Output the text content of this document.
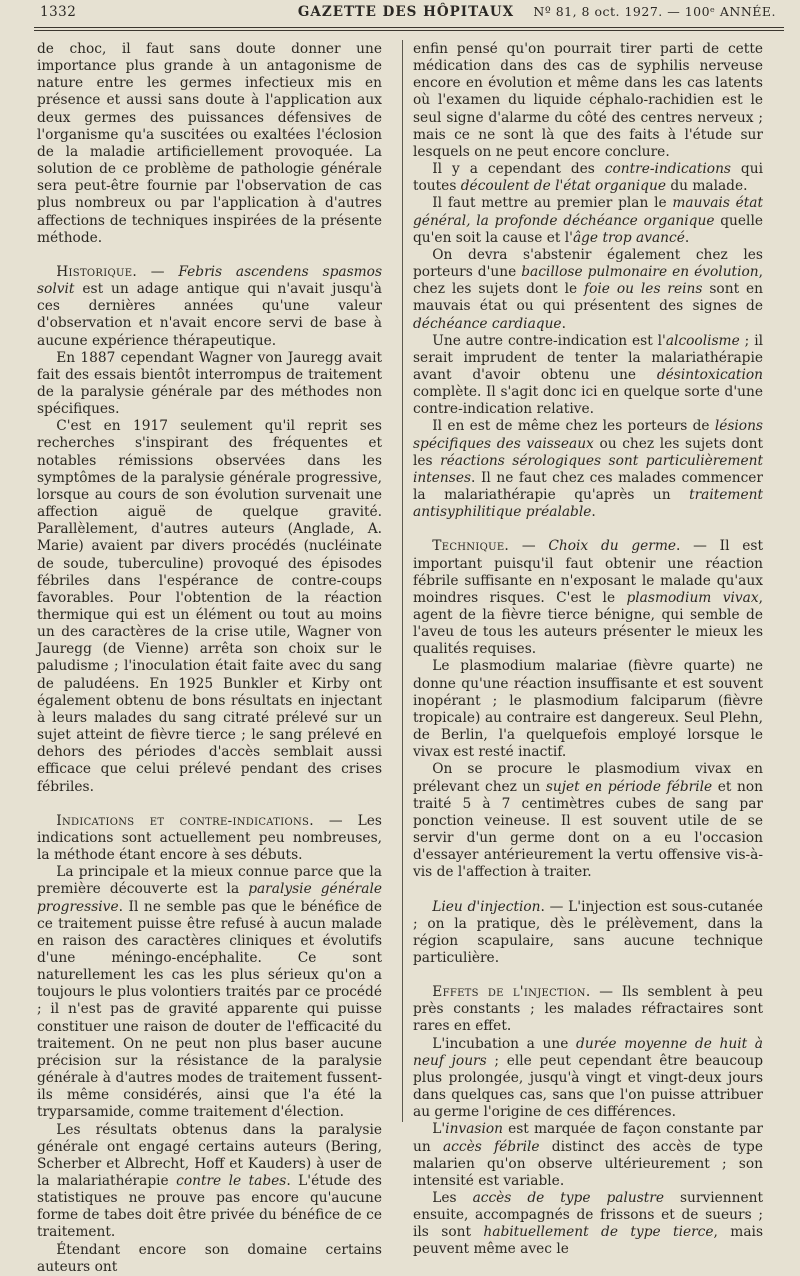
1332	GAZETTE DES HÔPITAUX	Nº 81, 8 oct. 1927. — 100ᵉ ANNÉE.

de choc, il faut sans doute donner une importance plus grande à un antagonisme de nature entre les germes infectieux mis en présence et aussi sans doute à l'application aux deux germes des puissances défensives de l'organisme qu'a suscitées ou exaltées l'éclosion de la maladie artificiellement provoquée. La solution de ce problème de pathologie générale sera peut-être fournie par l'observation de cas plus nombreux ou par l'application à d'autres affections de techniques inspirées de la présente méthode.

Historique. — Febris ascendens spasmos solvit est un adage antique qui n'avait jusqu'à ces dernières années qu'une valeur d'observation et n'avait encore servi de base à aucune expérience thérapeutique.

En 1887 cependant Wagner von Jauregg avait fait des essais bientôt interrompus de traitement de la paralysie générale par des méthodes non spécifiques.

C'est en 1917 seulement qu'il reprit ses recherches s'inspirant des fréquentes et notables rémissions observées dans les symptômes de la paralysie générale progressive, lorsque au cours de son évolution survenait une affection aiguë de quelque gravité. Parallèlement, d'autres auteurs (Anglade, A. Marie) avaient par divers procédés (nucléinate de soude, tuberculine) provoqué des épisodes fébriles dans l'espérance de contre-coups favorables. Pour l'obtention de la réaction thermique qui est un élément ou tout au moins un des caractères de la crise utile, Wagner von Jauregg (de Vienne) arrêta son choix sur le paludisme ; l'inoculation était faite avec du sang de paludéens. En 1925 Bunkler et Kirby ont également obtenu de bons résultats en injectant à leurs malades du sang citraté prélevé sur un sujet atteint de fièvre tierce ; le sang prélevé en dehors des périodes d'accès semblait aussi efficace que celui prélevé pendant des crises fébriles.

Indications et contre-indications. — Les indications sont actuellement peu nombreuses, la méthode étant encore à ses débuts.

La principale et la mieux connue parce que la première découverte est la paralysie générale progressive. Il ne semble pas que le bénéfice de ce traitement puisse être refusé à aucun malade en raison des caractères cliniques et évolutifs d'une méningo-encéphalite. Ce sont naturellement les cas les plus sérieux qu'on a toujours le plus volontiers traités par ce procédé ; il n'est pas de gravité apparente qui puisse constituer une raison de douter de l'efficacité du traitement. On ne peut non plus baser aucune précision sur la résistance de la paralysie générale à d'autres modes de traitement fussent-ils même considérés, ainsi que l'a été la tryparsamide, comme traitement d'élection.

Les résultats obtenus dans la paralysie générale ont engagé certains auteurs (Bering, Scherber et Albrecht, Hoff et Kauders) à user de la malariathérapie contre le tabes. L'étude des statistiques ne prouve pas encore qu'aucune forme de tabes doit être privée du bénéfice de ce traitement.

Étendant encore son domaine certains auteurs ont

enfin pensé qu'on pourrait tirer parti de cette médication dans des cas de syphilis nerveuse encore en évolution et même dans les cas latents où l'examen du liquide céphalo-rachidien est le seul signe d'alarme du côté des centres nerveux ; mais ce ne sont là que des faits à l'étude sur lesquels on ne peut encore conclure.

Il y a cependant des contre-indications qui toutes découlent de l'état organique du malade.

Il faut mettre au premier plan le mauvais état général, la profonde déchéance organique quelle qu'en soit la cause et l'âge trop avancé.

On devra s'abstenir également chez les porteurs d'une bacillose pulmonaire en évolution, chez les sujets dont le foie ou les reins sont en mauvais état ou qui présentent des signes de déchéance cardiaque.

Une autre contre-indication est l'alcoolisme ; il serait imprudent de tenter la malariathérapie avant d'avoir obtenu une désintoxication complète. Il s'agit donc ici en quelque sorte d'une contre-indication relative.

Il en est de même chez les porteurs de lésions spécifiques des vaisseaux ou chez les sujets dont les réactions sérologiques sont particulièrement intenses. Il ne faut chez ces malades commencer la malariathérapie qu'après un traitement antisyphilitique préalable.

Technique. — Choix du germe. — Il est important puisqu'il faut obtenir une réaction fébrile suffisante en n'exposant le malade qu'aux moindres risques. C'est le plasmodium vivax, agent de la fièvre tierce bénigne, qui semble de l'aveu de tous les auteurs présenter le mieux les qualités requises.

Le plasmodium malariae (fièvre quarte) ne donne qu'une réaction insuffisante et est souvent inopérant ; le plasmodium falciparum (fièvre tropicale) au contraire est dangereux. Seul Plehn, de Berlin, l'a quelquefois employé lorsque le vivax est resté inactif.

On se procure le plasmodium vivax en prélevant chez un sujet en période fébrile et non traité 5 à 7 centimètres cubes de sang par ponction veineuse. Il est souvent utile de se servir d'un germe dont on a eu l'occasion d'essayer antérieurement la vertu offensive vis-à-vis de l'affection à traiter.

Lieu d'injection. — L'injection est sous-cutanée ; on la pratique, dès le prélèvement, dans la région scapulaire, sans aucune technique particulière.

Effets de l'injection. — Ils semblent à peu près constants ; les malades réfractaires sont rares en effet.

L'incubation a une durée moyenne de huit à neuf jours ; elle peut cependant être beaucoup plus prolongée, jusqu'à vingt et vingt-deux jours dans quelques cas, sans que l'on puisse attribuer au germe l'origine de ces différences.

L'invasion est marquée de façon constante par un accès fébrile distinct des accès de type malarien qu'on observe ultérieurement ; son intensité est variable.

Les accès de type palustre surviennent ensuite, accompagnés de frissons et de sueurs ; ils sont habituellement de type tierce, mais peuvent même avec le
